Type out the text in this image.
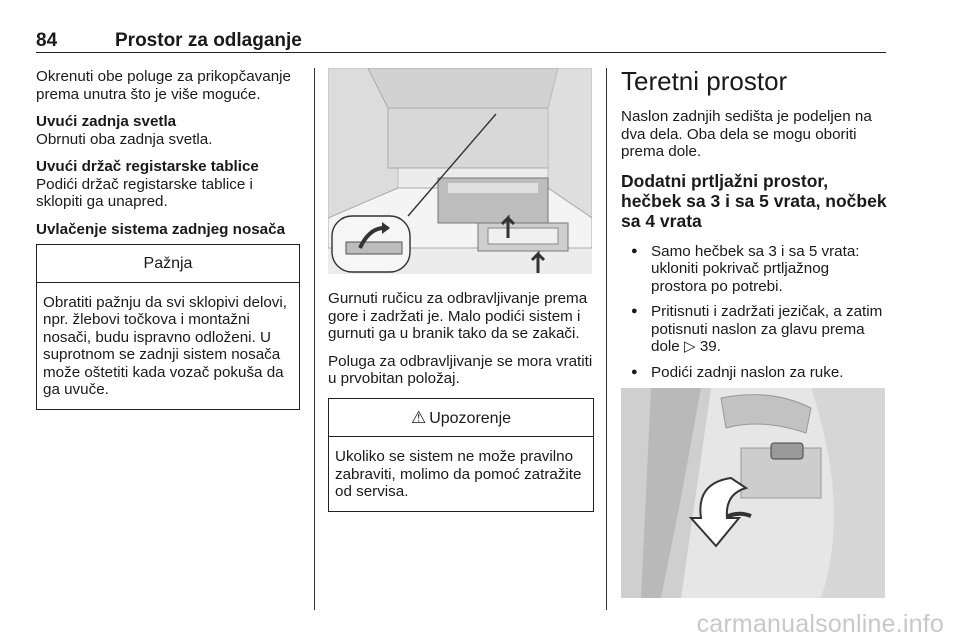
84	Prostor za odlaganje

Okrenuti obe poluge za prikopčavanje prema unutra što je više moguće.

Uvući zadnja svetla

Obrnuti oba zadnja svetla.

Uvući držač registarske tablice

Podići držač registarske tablice i sklopiti ga unapred.

Uvlačenje sistema zadnjeg nosača
Pažnja
Obratiti pažnju da svi sklopivi delovi, npr. žlebovi točkova i montažni nosači, budu ispravno odloženi. U suprotnom se zadnji sistem nosača može oštetiti kada vozač pokuša da ga uvuče.

Gurnuti ručicu za odbravljivanje prema gore i zadržati je. Malo podići sistem i gurnuti ga u branik tako da se zakači.

Poluga za odbravljivanje se mora vratiti u prvobitan položaj.

⚠ Upozorenje
Ukoliko se sistem ne može pravilno zabraviti, molimo da pomoć zatražite od servisa.
Teretni prostor

Naslon zadnjih sedišta je podeljen na dva dela. Oba dela se mogu oboriti prema dole.

Dodatni prtljažni prostor, hečbek sa 3 i sa 5 vrata, nočbek sa 4 vrata
● Samo hečbek sa 3 i sa 5 vrata: ukloniti pokrivač prtljažnog prostora po potrebi.
● Pritisnuti i zadržati jezičak, a zatim potisnuti naslon za glavu prema dole ▷ 39.
● Podići zadnji naslon za ruke.
carmanualsonline.info
